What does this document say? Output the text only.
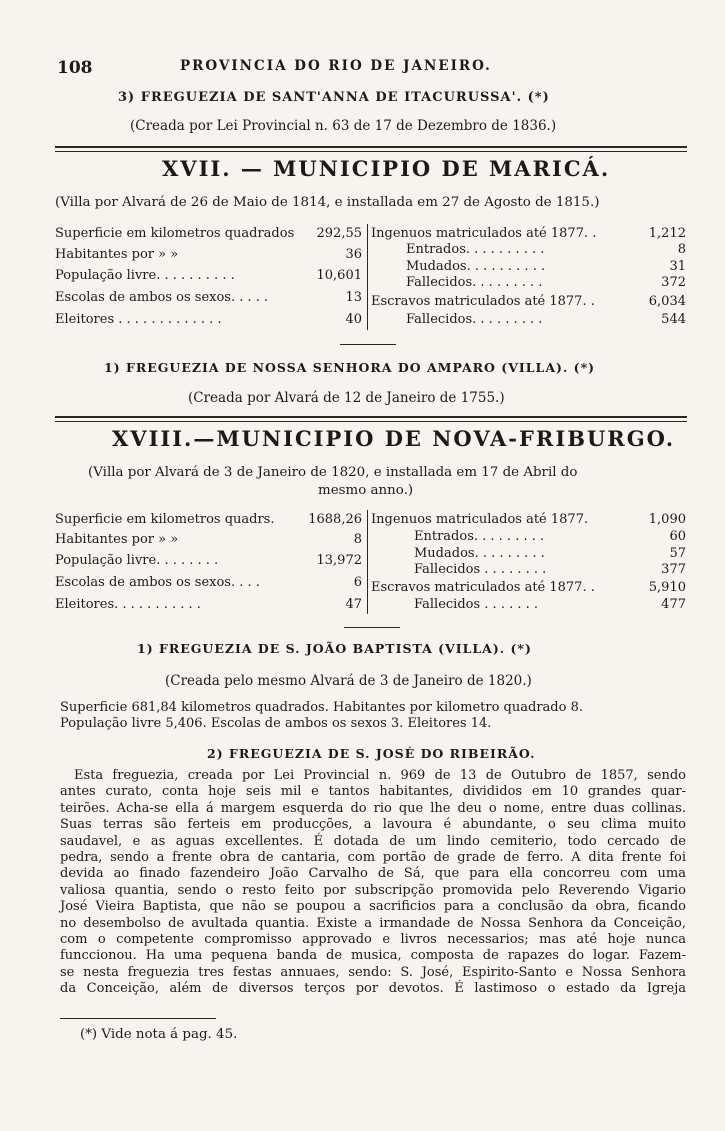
108	PROVINCIA DO RIO DE JANEIRO.
3) FREGUEZIA DE SANT'ANNA DE ITACURUSSA'. (*)
(Creada por Lei Provincial n. 63 de 17 de Dezembro de 1836.)
XVII. — MUNICIPIO DE MARICÁ.
(Villa por Alvará de 26 de Maio de 1814, e installada em 27 de Agosto de 1815.)
Superficie em kilometros quadrados 292,55
Habitantes por » »	36
População livre. . . . . . . . . .	10,601
Escolas de ambos os sexos. . . . .	13
Eleitores . . . . . . . . . . . . .	40
Ingenuos matriculados até 1877. .	1,212
Entrados. . . . . . . . . .	8
Mudados. . . . . . . . . .	31
Fallecidos. . . . . . . . .	372
Escravos matriculados até 1877. .	6,034
Fallecidos. . . . . . . . .	544
1) FREGUEZIA DE NOSSA SENHORA DO AMPARO (VILLA). (*)
(Creada por Alvará de 12 de Janeiro de 1755.)
XVIII.—MUNICIPIO DE NOVA-FRIBURGO.
(Villa por Alvará de 3 de Janeiro de 1820, e installada em 17 de Abril do
mesmo anno.)
Superficie em kilometros quadrs.	1688,26
Habitantes por » »	8
População livre. . . . . . . .	13,972
Escolas de ambos os sexos. . . .	6
Eleitores. . . . . . . . . . .	47
Ingenuos matriculados até 1877.	1,090
Entrados. . . . . . . . .	60
Mudados. . . . . . . . .	57
Fallecidos . . . . . . . .	377
Escravos matriculados até 1877. .	5,910
Fallecidos . . . . . . .	477
1) FREGUEZIA DE S. JOÃO BAPTISTA (VILLA). (*)
(Creada pelo mesmo Alvará de 3 de Janeiro de 1820.)
Superficie 681,84 kilometros quadrados. Habitantes por kilometro quadrado 8.
População livre 5,406. Escolas de ambos os sexos 3. Eleitores 14.
2) FREGUEZIA DE S. JOSÉ DO RIBEIRÃO.
Esta freguezia, creada por Lei Provincial n. 969 de 13 de Outubro de 1857, sendo
antes curato, conta hoje seis mil e tantos habitantes, divididos em 10 grandes quar-
teirões. Acha-se ella á margem esquerda do rio que lhe deu o nome, entre duas collinas.
Suas terras são ferteis em producções, a lavoura é abundante, o seu clima muito
saudavel, e as aguas excellentes. É dotada de um lindo cemiterio, todo cercado de
pedra, sendo a frente obra de cantaria, com portão de grade de ferro. A dita frente foi
devida ao finado fazendeiro João Carvalho de Sá, que para ella concorreu com uma
valiosa quantia, sendo o resto feito por subscripção promovida pelo Reverendo Vigario
José Vieira Baptista, que não se poupou a sacrificios para a conclusão da obra, ficando
no desembolso de avultada quantia. Existe a irmandade de Nossa Senhora da Conceição,
com o competente compromisso approvado e livros necessarios; mas até hoje nunca
funccionou. Ha uma pequena banda de musica, composta de rapazes do logar. Fazem-
se nesta freguezia tres festas annuaes, sendo: S. José, Espirito-Santo e Nossa Senhora
da Conceição, além de diversos terços por devotos. É lastimoso o estado da Igreja
(*) Vide nota á pag. 45.
